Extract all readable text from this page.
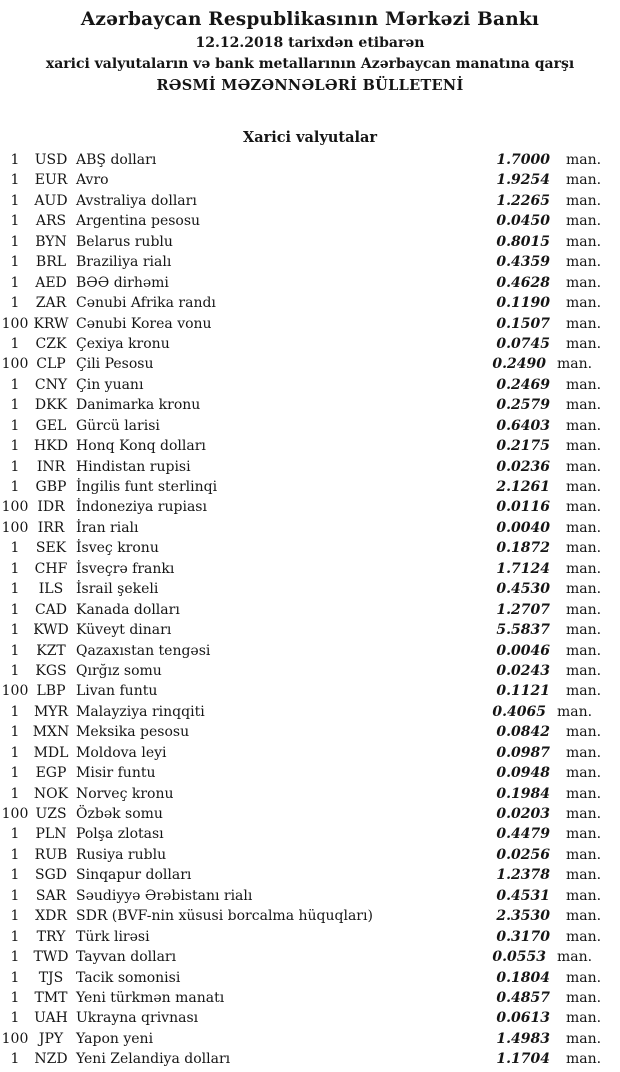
Azərbaycan Respublikasının Mərkəzi Bankı
12.12.2018 tarixdən etibarən
xarici valyutaların və bank metallarının Azərbaycan manatına qarşı
RƏSMİ MƏZƏNNƏLƏRİ BÜLLETENİ
Xarici valyutalar
1	USD ABŞ dolları	1.7000	man.
1	EUR Avro	1.9254	man.
1	AUD Avstraliya dolları	1.2265	man.
1	ARS Argentina pesosu	0.0450	man.
1	BYN Belarus rublu	0.8015	man.
1	BRL Braziliya rialı	0.4359	man.
1	AED BƏƏ dirhəmi	0.4628	man.
1	ZAR Cənubi Afrika randı	0.1190	man.
100 KRW Cənubi Korea vonu	0.1507	man.
1	CZK Çexiya kronu	0.0745	man.
100 CLP Çili Pesosu	0.2490 man.
1	CNY Çin yuanı	0.2469	man.
1	DKK Danimarka kronu	0.2579	man.
1	GEL Gürcü larisi	0.6403	man.
1	HKD Honq Konq dolları	0.2175	man.
1	INR Hindistan rupisi	0.0236	man.
1	GBP İngilis funt sterlinqi	2.1261	man.
100 IDR İndoneziya rupiası	0.0116	man.
100 IRR İran rialı	0.0040	man.
1	SEK İsveç kronu	0.1872	man.
1	CHF İsveçrə frankı	1.7124	man.
1	ILS İsrail şekeli	0.4530	man.
1	CAD Kanada dolları	1.2707	man.
1 KWD Küveyt dinarı	5.5837	man.
1	KZT Qazaxıstan tengəsi	0.0046	man.
1	KGS Qırğız somu	0.0243	man.
100 LBP Livan funtu	0.1121	man.
1	MYR Malayziya rinqqiti	0.4065 man.
1 MXN Meksika pesosu	0.0842	man.
1	MDL Moldova leyi	0.0987	man.
1	EGP Misir funtu	0.0948	man.
1	NOK Norveç kronu	0.1984	man.
100 UZS Özbək somu	0.0203	man.
1	PLN Polşa zlotası	0.4479	man.
1	RUB Rusiya rublu	0.0256	man.
1	SGD Sinqapur dolları	1.2378	man.
1	SAR Səudiyyə Ərəbistanı rialı	0.4531	man.
1	XDR SDR (BVF-nin xüsusi borcalma hüquqları)	2.3530	man.
1	TRY Türk lirəsi	0.3170	man.
1	TWD Tayvan dolları	0.0553 man.
1	TJS Tacik somonisi	0.1804	man.
1	TMT Yeni türkmən manatı	0.4857	man.
1	UAH Ukrayna qrivnası	0.0613	man.
100 JPY Yapon yeni	1.4983	man.
1	NZD Yeni Zelandiya dolları	1.1704	man.
